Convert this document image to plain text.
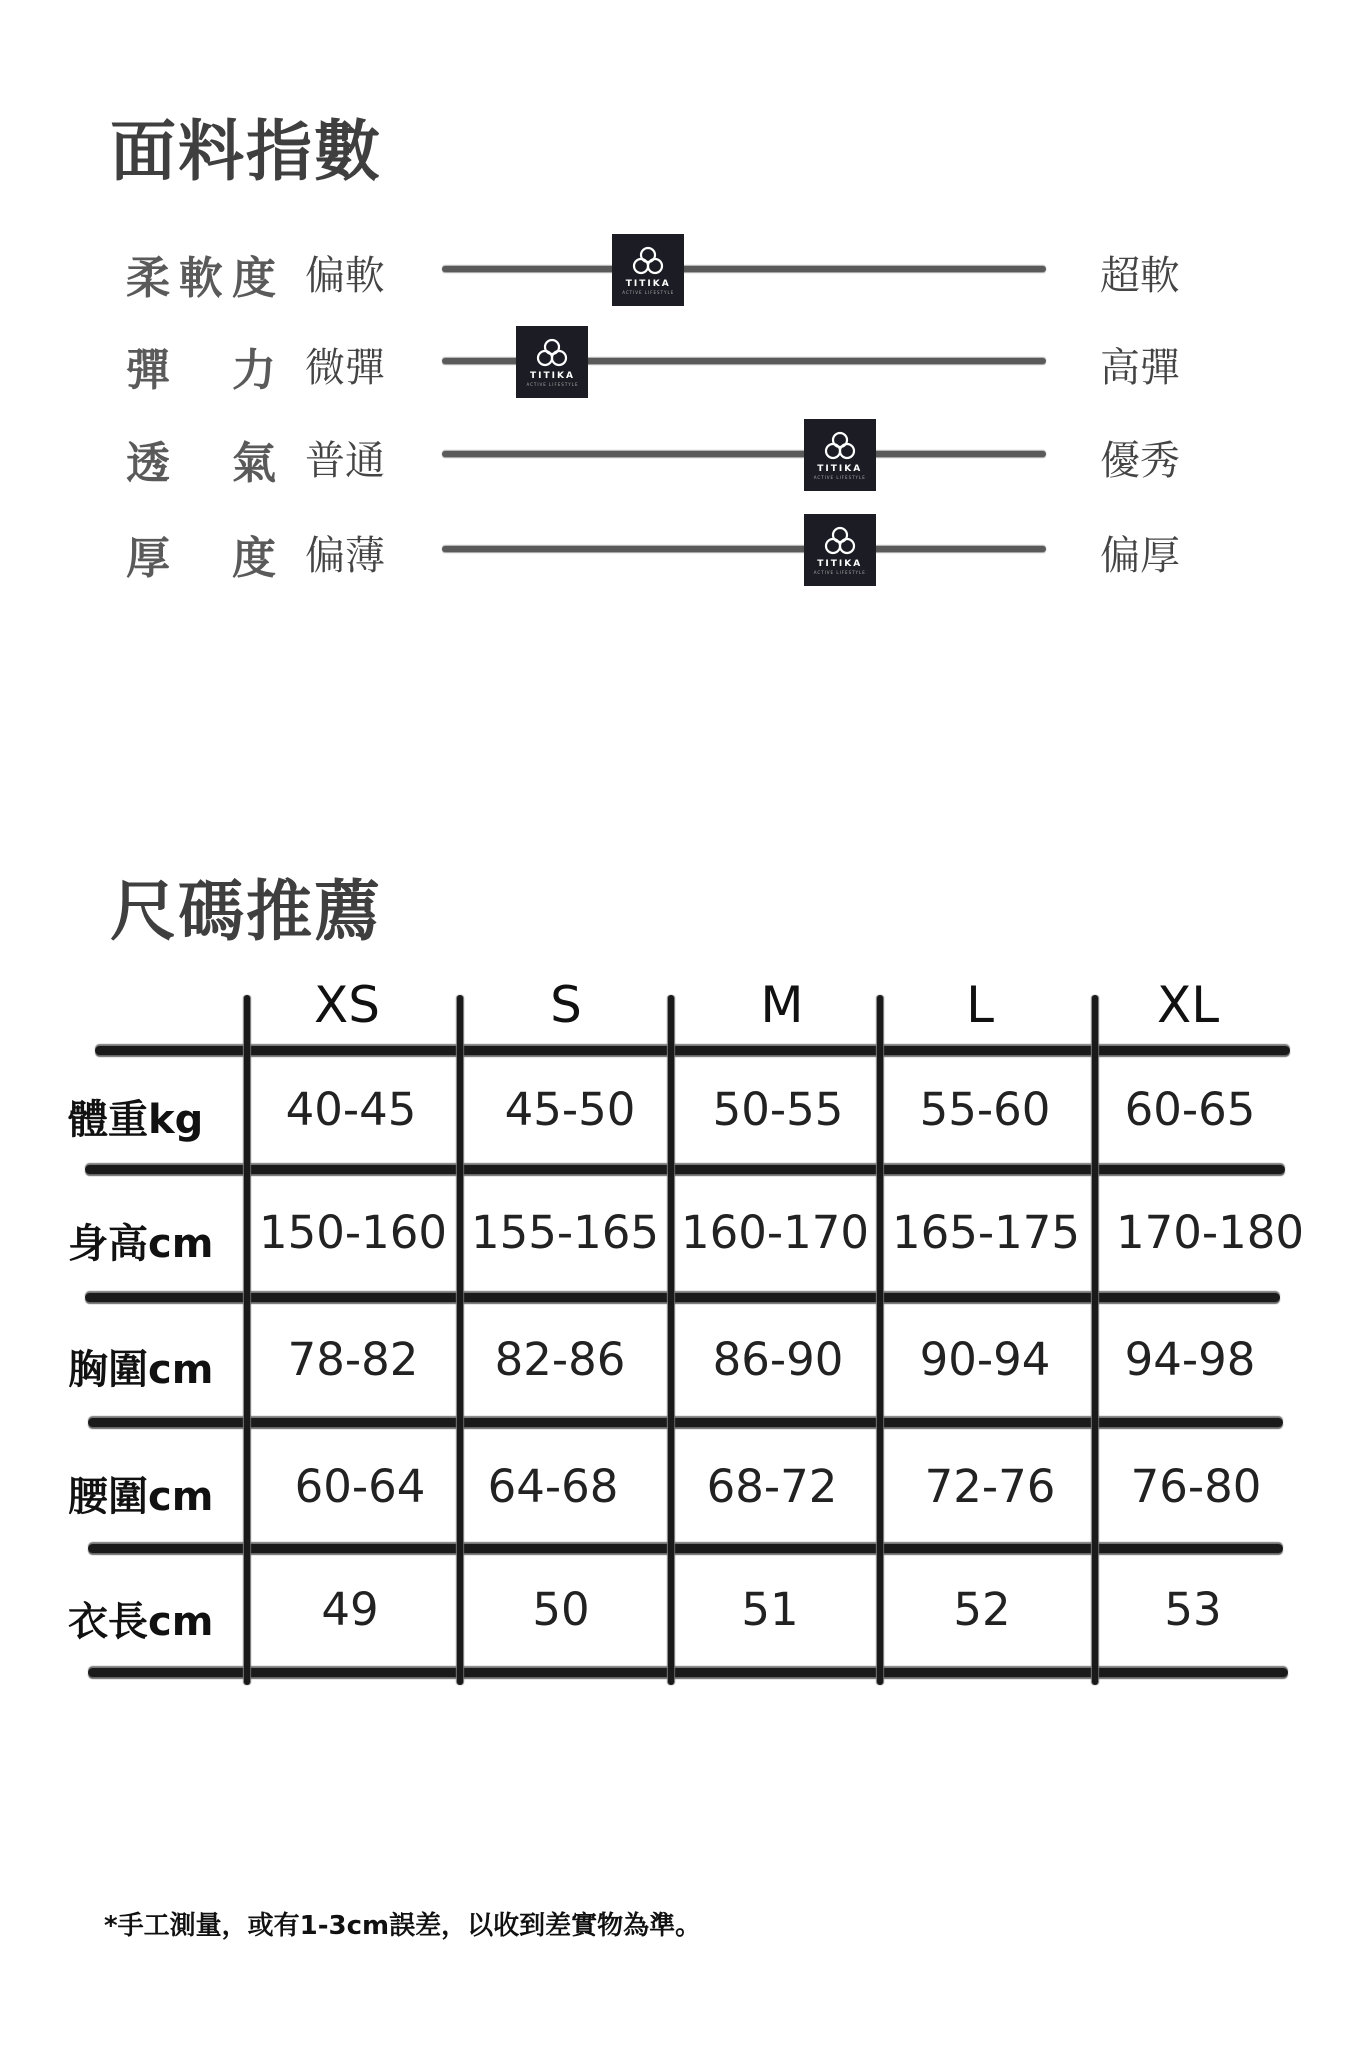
面料指數
柔軟度 偏軟	TITIKA
ACTIVE LIFESTYLE	超軟
彈力 微彈	TITIKA
ACTIVE LIFESTYLE	高彈
透氣 普通	TITIKA
ACTIVE LIFESTYLE	優秀
厚度 偏薄	TITIKA
ACTIVE LIFESTYLE	偏厚
尺碼推薦
XS	S	M	L	XL
體重kg 40-45 45-50 50-55 55-60 60-65
身高cm 150-160 155-165 160-170 165-175 170-180
胸圍cm 78-82 82-86 86-90 90-94 94-98
腰圍cm 60-64 64-68 68-72 72-76 76-80
衣長cm 49	50	51	52	53

*手工測量，或有1-3cm誤差，以收到差實物為準。
